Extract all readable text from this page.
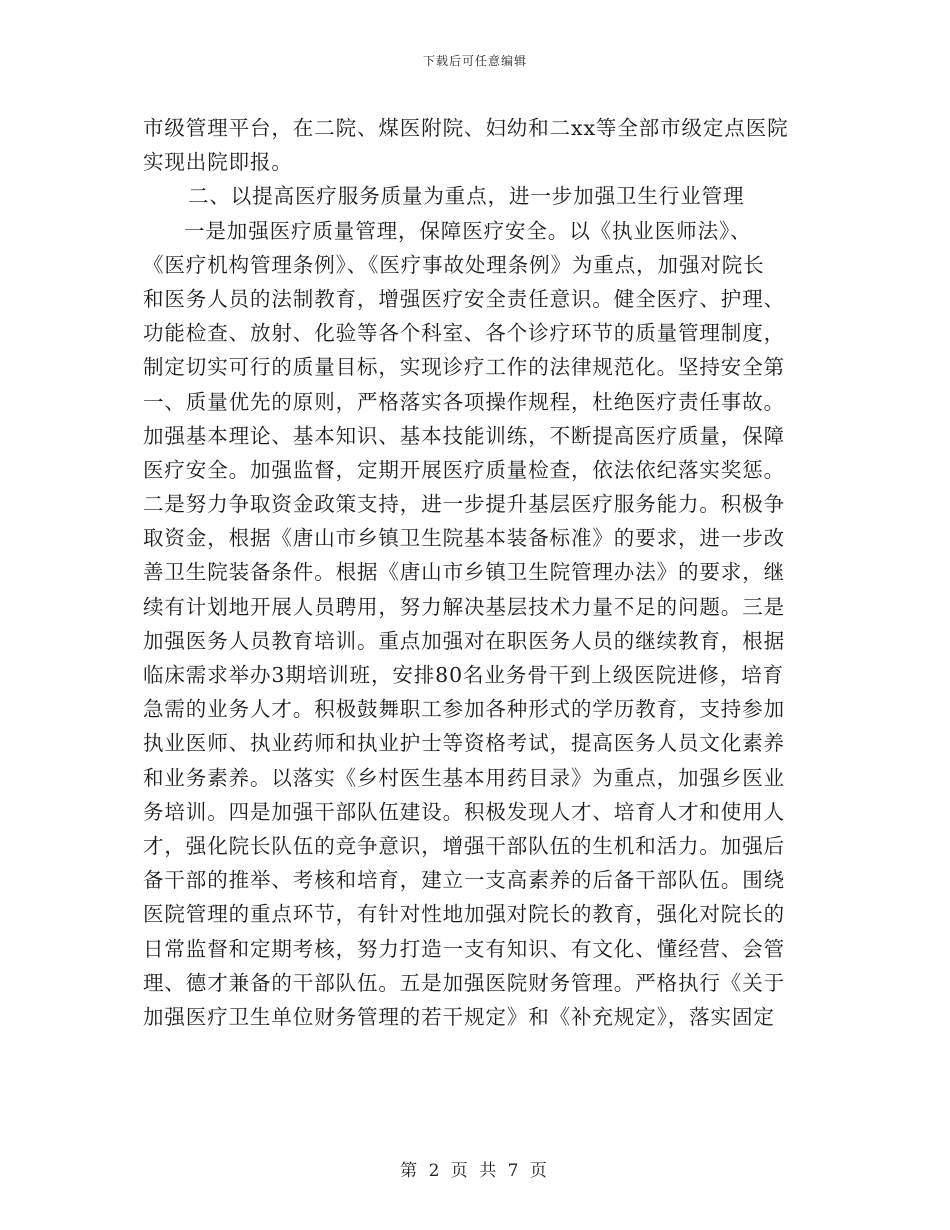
下载后可任意编辑
市级管理平台，在二院、煤医附院、妇幼和二xx等全部市级定点医院
实现出院即报。
二、以提高医疗服务质量为重点，进一步加强卫生行业管理
一是加强医疗质量管理，保障医疗安全。以《执业医师法》、
《医疗机构管理条例》、《医疗事故处理条例》为重点，加强对院长
和医务人员的法制教育，增强医疗安全责任意识。健全医疗、护理、
功能检查、放射、化验等各个科室、各个诊疗环节的质量管理制度，
制定切实可行的质量目标，实现诊疗工作的法律规范化。坚持安全第
一、质量优先的原则，严格落实各项操作规程，杜绝医疗责任事故。
加强基本理论、基本知识、基本技能训练，不断提高医疗质量，保障
医疗安全。加强监督，定期开展医疗质量检查，依法依纪落实奖惩。
二是努力争取资金政策支持，进一步提升基层医疗服务能力。积极争
取资金，根据《唐山市乡镇卫生院基本装备标准》的要求，进一步改
善卫生院装备条件。根据《唐山市乡镇卫生院管理办法》的要求，继
续有计划地开展人员聘用，努力解决基层技术力量不足的问题。三是
加强医务人员教育培训。重点加强对在职医务人员的继续教育，根据
临床需求举办3期培训班，安排80名业务骨干到上级医院进修，培育
急需的业务人才。积极鼓舞职工参加各种形式的学历教育，支持参加
执业医师、执业药师和执业护士等资格考试，提高医务人员文化素养
和业务素养。以落实《乡村医生基本用药目录》为重点，加强乡医业
务培训。四是加强干部队伍建设。积极发现人才、培育人才和使用人
才，强化院长队伍的竞争意识，增强干部队伍的生机和活力。加强后
备干部的推举、考核和培育，建立一支高素养的后备干部队伍。围绕
医院管理的重点环节，有针对性地加强对院长的教育，强化对院长的
日常监督和定期考核，努力打造一支有知识、有文化、懂经营、会管
理、德才兼备的干部队伍。五是加强医院财务管理。严格执行《关于
加强医疗卫生单位财务管理的若干规定》和《补充规定》，落实固定
第 2 页 共 7 页
